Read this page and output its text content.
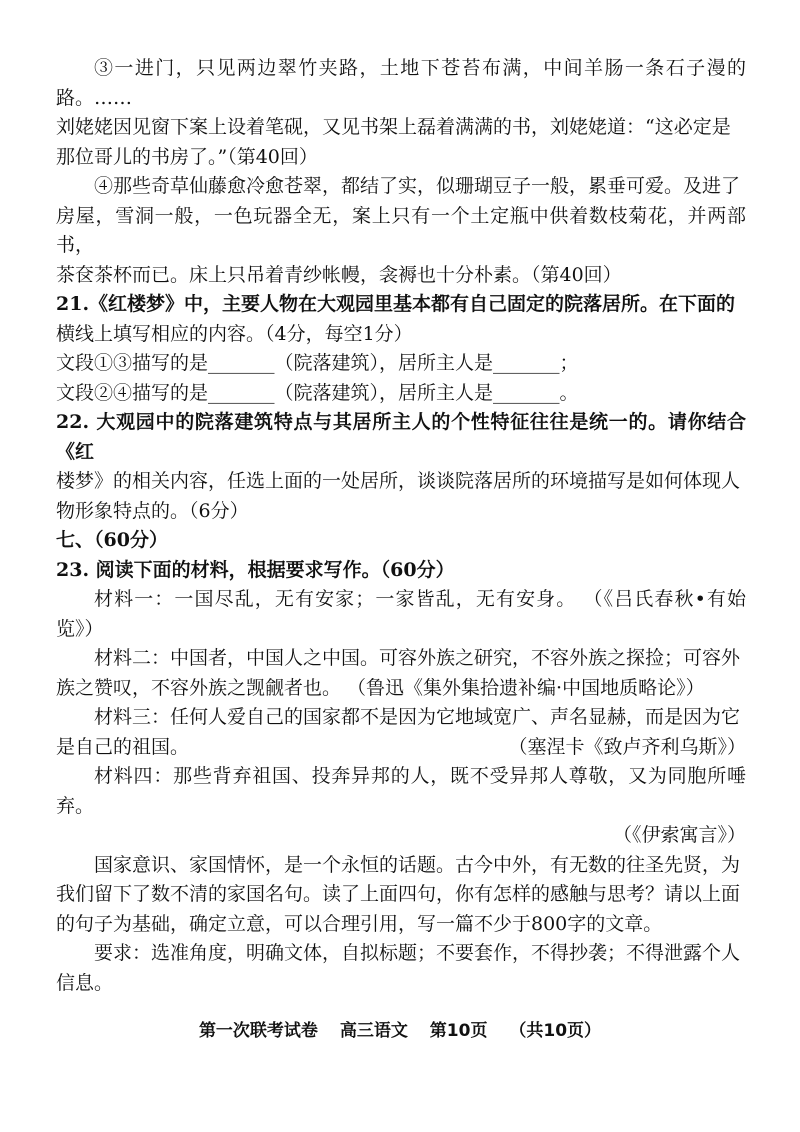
③一进门，只见两边翠竹夹路，土地下苍苔布满，中间羊肠一条石子漫的路。……

刘姥姥因见窗下案上设着笔砚，又见书架上磊着满满的书，刘姥姥道：“这必定是

那位哥儿的书房了。”（第40回）

④那些奇草仙藤愈冷愈苍翠，都结了实，似珊瑚豆子一般，累垂可爱。及进了

房屋，雪洞一般，一色玩器全无，案上只有一个土定瓶中供着数枝菊花，并两部书，

茶奁茶杯而已。床上只吊着青纱帐幔，衾褥也十分朴素。（第40回）

21.《红楼梦》中，主要人物在大观园里基本都有自己固定的院落居所。在下面的

横线上填写相应的内容。（4分，每空1分）

文段①③描写的是_______（院落建筑），居所主人是_______；

文段②④描写的是_______（院落建筑），居所主人是_______。

22. 大观园中的院落建筑特点与其居所主人的个性特征往往是统一的。请你结合《红

楼梦》的相关内容，任选上面的一处居所，谈谈院落居所的环境描写是如何体现人

物形象特点的。（6分）

七、（60分）

23. 阅读下面的材料，根据要求写作。（60分）

材料一：一国尽乱，无有安家；一家皆乱，无有安身。 （《吕氏春秋•有始览》）

材料二：中国者，中国人之中国。可容外族之研究，不容外族之探捡；可容外

族之赞叹，不容外族之觊觎者也。 （鲁迅《集外集拾遗补编·中国地质略论》）

材料三：任何人爱自己的国家都不是因为它地域宽广、声名显赫，而是因为它

是自己的祖国。	（塞涅卡《致卢齐利乌斯》）

材料四：那些背弃祖国、投奔异邦的人，既不受异邦人尊敬，又为同胞所唾弃。

（《伊索寓言》）

国家意识、家国情怀，是一个永恒的话题。古今中外，有无数的往圣先贤，为

我们留下了数不清的家国名句。读了上面四句，你有怎样的感触与思考？请以上面

的句子为基础，确定立意，可以合理引用，写一篇不少于800字的文章。

要求：选准角度，明确文体，自拟标题；不要套作，不得抄袭；不得泄露个人

信息。

第一次联考试卷 高三语文 第10页 （共10页）
